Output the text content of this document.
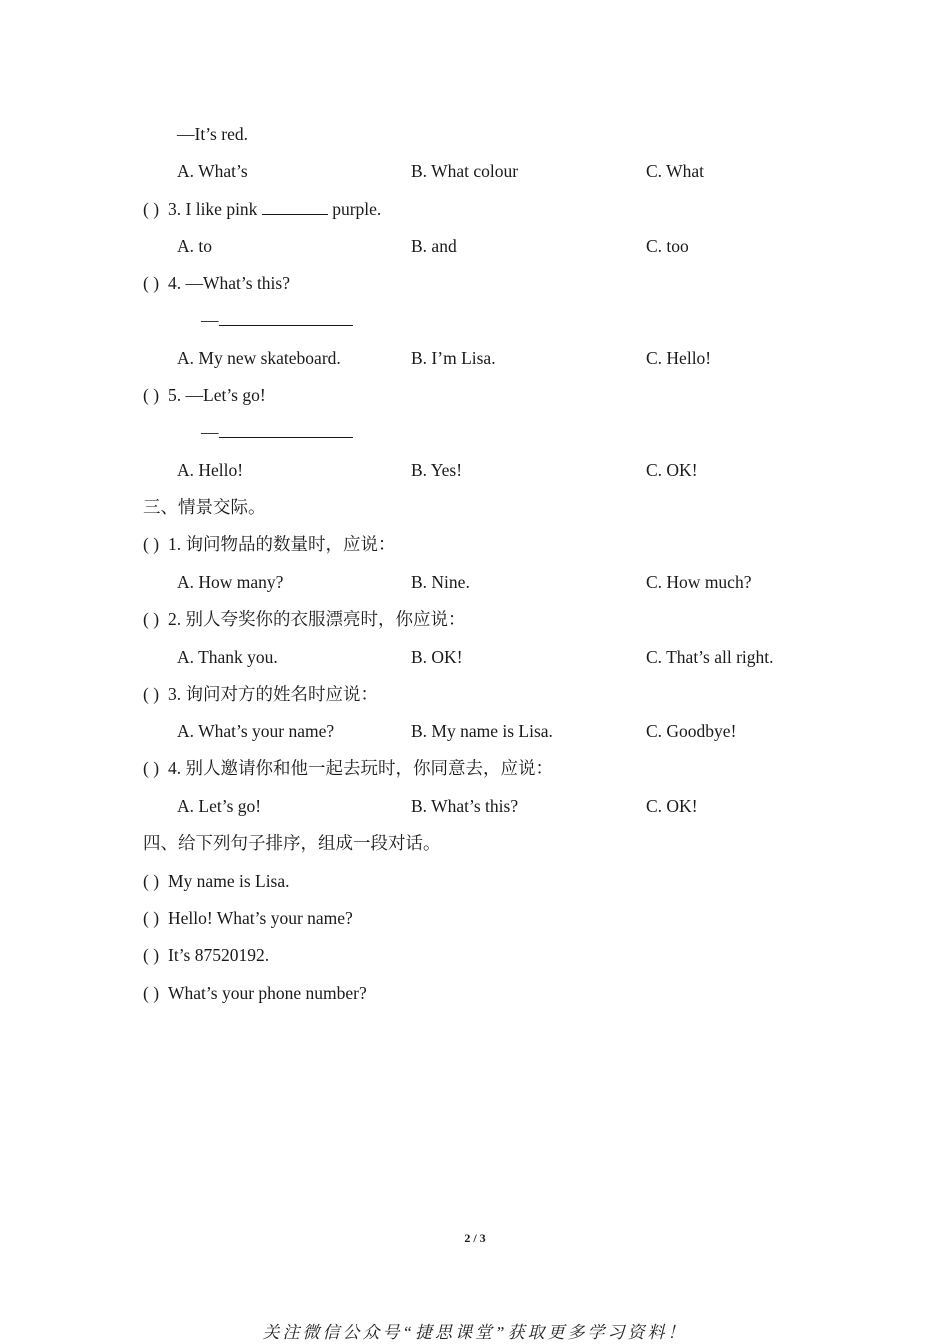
—It’s red.
A. What’s	B. What colour	C. What
( ) 3. I like pink	purple.
A. to	B. and	C. too
( ) 4. —What’s this?
—
A. My new skateboard.	B. I’m Lisa.	C. Hello!
( ) 5. —Let’s go!
—
A. Hello!	B. Yes!	C. OK!
三、情景交际。
( ) 1. 询问物品的数量时，应说：
A. How many?	B. Nine.	C. How much?
( ) 2. 别人夸奖你的衣服漂亮时，你应说：
A. Thank you.	B. OK!	C. That’s all right.
( ) 3. 询问对方的姓名时应说：
A. What’s your name?	B. My name is Lisa.	C. Goodbye!
( ) 4. 别人邀请你和他一起去玩时，你同意去，应说：
A. Let’s go!	B. What’s this?	C. OK!
四、给下列句子排序，组成一段对话。
( ) My name is Lisa.
( ) Hello! What’s your name?
( ) It’s 87520192.
( ) What’s your phone number?
2 / 3
关注微信公众号“捷思课堂”获取更多学习资料！
